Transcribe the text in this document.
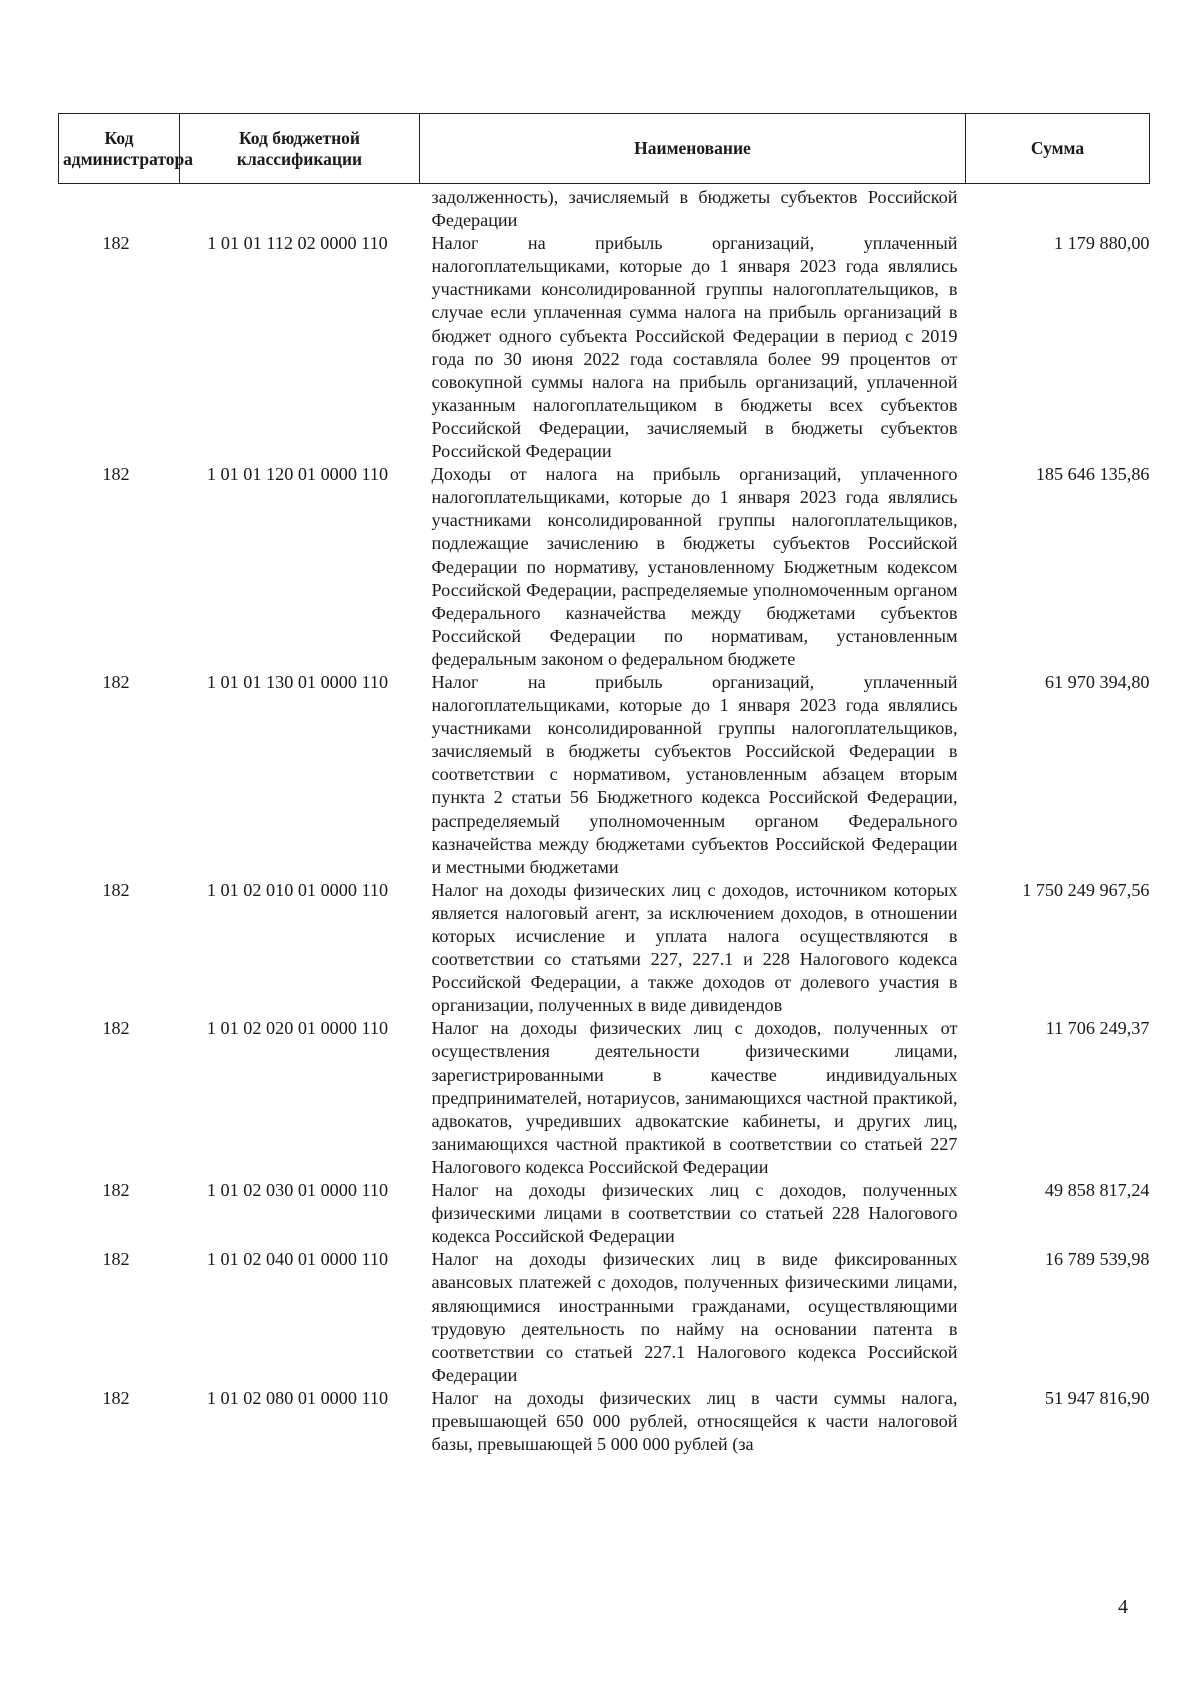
Код администратора	Код бюджетной классификации	Наименование	Сумма
		задолженность), зачисляемый в бюджеты субъектов Российской Федерации	
182	1 01 01 112 02 0000 110	Налог на прибыль организаций, уплаченный налогоплательщиками, которые до 1 января 2023 года являлись участниками консолидированной группы налогоплательщиков, в случае если уплаченная сумма налога на прибыль организаций в бюджет одного субъекта Российской Федерации в период с 2019 года по 30 июня 2022 года составляла более 99 процентов от совокупной суммы налога на прибыль организаций, уплаченной указанным налогоплательщиком в бюджеты всех субъектов Российской Федерации, зачисляемый в бюджеты субъектов Российской Федерации	1 179 880,00
182	1 01 01 120 01 0000 110	Доходы от налога на прибыль организаций, уплаченного налогоплательщиками, которые до 1 января 2023 года являлись участниками консолидированной группы налогоплательщиков, подлежащие зачислению в бюджеты субъектов Российской Федерации по нормативу, установленному Бюджетным кодексом Российской Федерации, распределяемые уполномоченным органом Федерального казначейства между бюджетами субъектов Российской Федерации по нормативам, установленным федеральным законом о федеральном бюджете	185 646 135,86
182	1 01 01 130 01 0000 110	Налог на прибыль организаций, уплаченный налогоплательщиками, которые до 1 января 2023 года являлись участниками консолидированной группы налогоплательщиков, зачисляемый в бюджеты субъектов Российской Федерации в соответствии с нормативом, установленным абзацем вторым пункта 2 статьи 56 Бюджетного кодекса Российской Федерации, распределяемый уполномоченным органом Федерального казначейства между бюджетами субъектов Российской Федерации и местными бюджетами	61 970 394,80
182	1 01 02 010 01 0000 110	Налог на доходы физических лиц с доходов, источником которых является налоговый агент, за исключением доходов, в отношении которых исчисление и уплата налога осуществляются в соответствии со статьями 227, 227.1 и 228 Налогового кодекса Российской Федерации, а также доходов от долевого участия в организации, полученных в виде дивидендов	1 750 249 967,56
182	1 01 02 020 01 0000 110	Налог на доходы физических лиц с доходов, полученных от осуществления деятельности физическими лицами, зарегистрированными в качестве индивидуальных предпринимателей, нотариусов, занимающихся частной практикой, адвокатов, учредивших адвокатские кабинеты, и других лиц, занимающихся частной практикой в соответствии со статьей 227 Налогового кодекса Российской Федерации	11 706 249,37
182	1 01 02 030 01 0000 110	Налог на доходы физических лиц с доходов, полученных физическими лицами в соответствии со статьей 228 Налогового кодекса Российской Федерации	49 858 817,24
182	1 01 02 040 01 0000 110	Налог на доходы физических лиц в виде фиксированных авансовых платежей с доходов, полученных физическими лицами, являющимися иностранными гражданами, осуществляющими трудовую деятельность по найму на основании патента в соответствии со статьей 227.1 Налогового кодекса Российской Федерации	16 789 539,98
182	1 01 02 080 01 0000 110	Налог на доходы физических лиц в части суммы налога, превышающей 650 000 рублей, относящейся к части налоговой базы, превышающей 5 000 000 рублей (за	51 947 816,90
4
